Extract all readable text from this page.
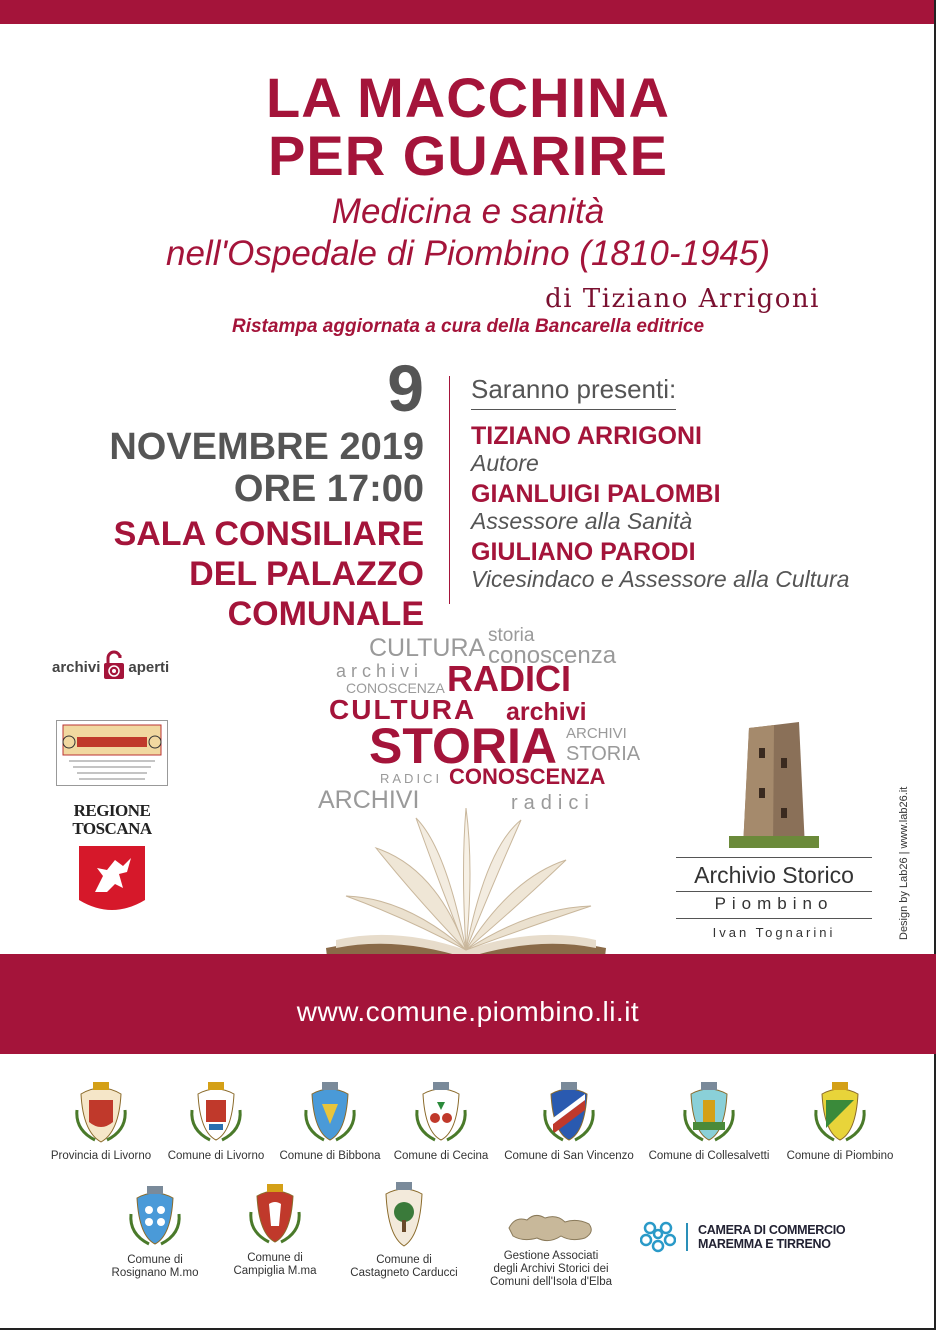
LA MACCHINA
PER GUARIRE
Medicina e sanità
nell'Ospedale di Piombino (1810-1945)
di Tiziano Arrigoni
Ristampa aggiornata a cura della Bancarella editrice
9
NOVEMBRE 2019
ORE 17:00
SALA CONSILIARE
DEL PALAZZO
COMUNALE
Saranno presenti:
TIZIANO ARRIGONI
Autore
GIANLUIGI PALOMBI
Assessore alla Sanità
GIULIANO PARODI
Vicesindaco e Assessore alla Cultura
CULTURA storia
conoscenza
archivi
CONOSCENZA RADICI
CULTURA archivi
STORIA ARCHIVI
STORIA
RADICI CONOSCENZA
ARCHIVI	radici
archivi aperti
REGIONE
TOSCANA
Archivio Storico
Piombino
Ivan Tognarini	Design by Lab26 | www.lab26.it
www.comune.piombino.li.it
Provincia di Livorno	Comune di Livorno	Comune di Bibbona	Comune di Cecina	Comune di San Vincenzo	Comune di Collesalvetti	Comune di Piombino
Comune di
Rosignano M.mo
Comune di
Campiglia M.ma
Comune di
Castagneto Carducci
Gestione Associati
degli Archivi Storici dei
Comuni dell'Isola d'Elba
CAMERA DI COMMERCIO
MAREMMA E TIRRENO
